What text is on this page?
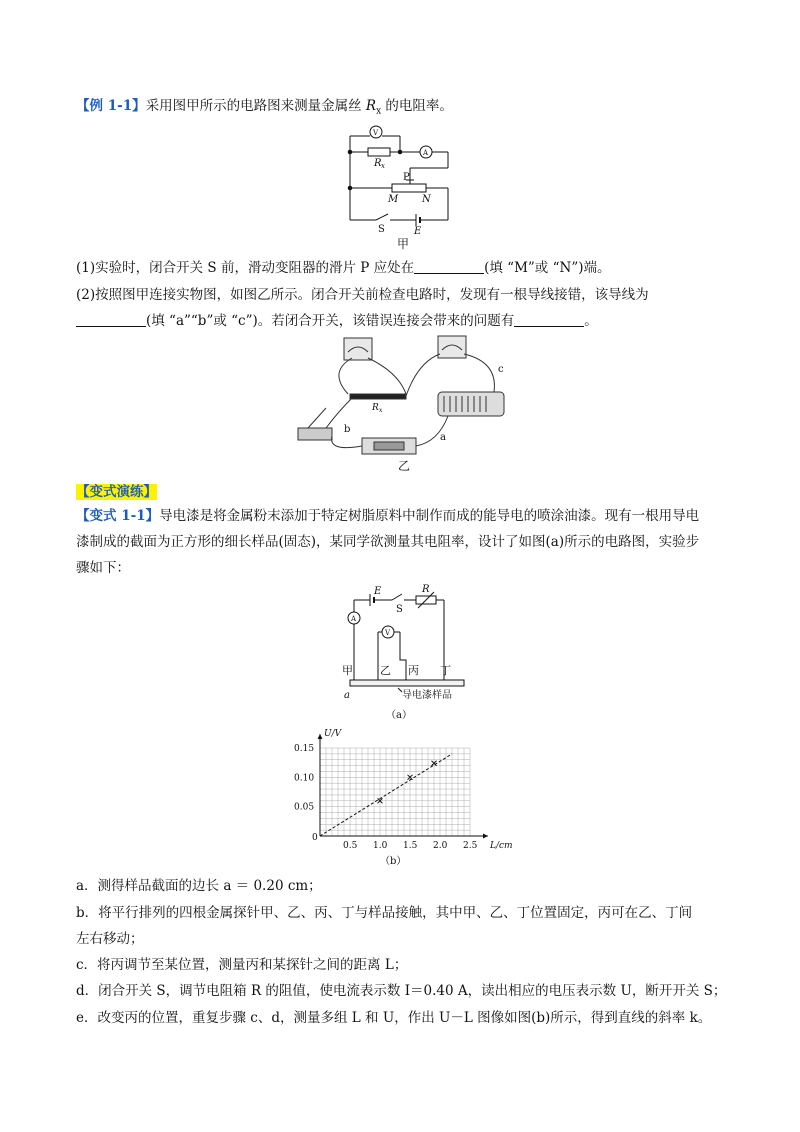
【例 1-1】采用图甲所示的电路图来测量金属丝 $R_x$ 的电阻率。
V
A
R x
P
M N
S	E
甲
(1)实验时，闭合开关 S 前，滑动变阻器的滑片 P 应处在	(填 “M”或 “N”)端。
(2)按照图甲连接实物图，如图乙所示。闭合开关前检查电路时，发现有一根导线接错，该导线为
(填 “a”“b”或 “c”)。若闭合开关，该错误连接会带来的问题有	。
c
R x
b
a
乙
【变式演练】
【变式 1-1】导电漆是将金属粉末添加于特定树脂原料中制作而成的能导电的喷涂油漆。现有一根用导电
漆制成的截面为正方形的细长样品(固态)，某同学欲测量其电阻率，设计了如图(a)所示的电路图，实验步
骤如下：
E
S
R
A
V
甲 乙 丙 丁
a	导电漆样品
（a）
0.5 1.0 1.5 2.0 2.5
0.05
0.10
0.15
0
L/cm
U/V
（b）
a．测得样品截面的边长 a ＝ 0.20 cm；
b．将平行排列的四根金属探针甲、乙、丙、丁与样品接触，其中甲、乙、丁位置固定，丙可在乙、丁间
左右移动；
c．将丙调节至某位置，测量丙和某探针之间的距离 L；
d．闭合开关 S，调节电阻箱 R 的阻值，使电流表示数 I＝0.40 A，读出相应的电压表示数 U，断开开关 S；
e．改变丙的位置，重复步骤 c、d，测量多组 L 和 U，作出 U－L 图像如图(b)所示，得到直线的斜率 k。
